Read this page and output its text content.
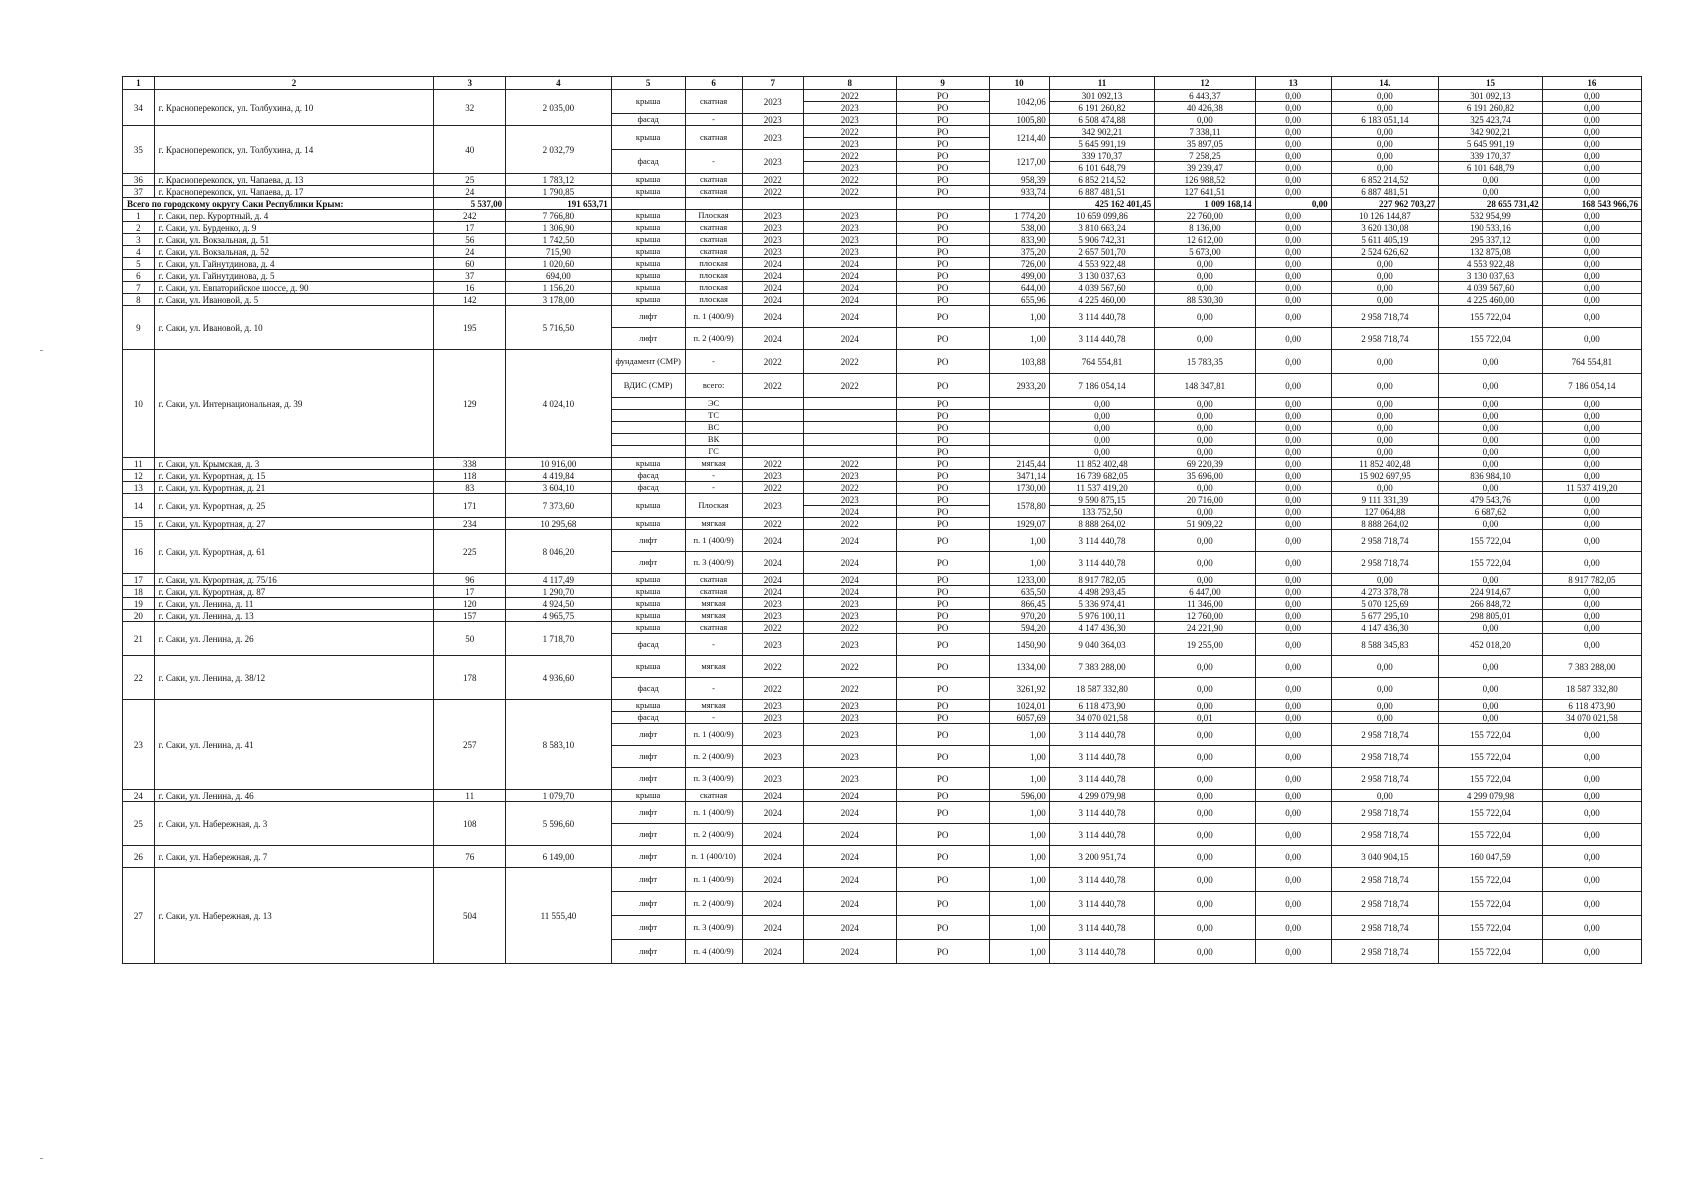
1	2	3	4	5	6	7	8	9	10	11	12	13	14.	15	16
34	г. Красноперекопск, ул. Толбухина, д. 10	32	2 035,00	крыша	скатная	2023	2022	РО	1042,06	301 092,13	6 443,37	0,00	0,00	301 092,13	0,00
							2023	РО		6 191 260,82	40 426,38	0,00	0,00	6 191 260,82	0,00
				фасад	-	2023	2023	РО	1005,80	6 508 474,88	0,00	0,00	6 183 051,14	325 423,74	0,00
35	г. Красноперекопск, ул. Толбухина, д. 14	40	2 032,79	крыша	скатная	2023	2022	РО	1214,40	342 902,21	7 338,11	0,00	0,00	342 902,21	0,00
							2023	РО		5 645 991,19	35 897,05	0,00	0,00	5 645 991,19	0,00
				фасад	-	2023	2022	РО	1217,00	339 170,37	7 258,25	0,00	0,00	339 170,37	0,00
							2023	РО		6 101 648,79	39 239,47	0,00	0,00	6 101 648,79	0,00
36	г. Красноперекопск, ул. Чапаева, д. 13	25	1 783,12	крыша	скатная	2022	2022	РО	958,39	6 852 214,52	126 988,52	0,00	6 852 214,52	0,00	0,00
37	г. Красноперекопск, ул. Чапаева, д. 17	24	1 790,85	крыша	скатная	2022	2022	РО	933,74	6 887 481,51	127 641,51	0,00	6 887 481,51	0,00	0,00
Всего по городскому округу Саки Республики Крым:		5 537,00	191 653,71							425 162 401,45	1 009 168,14	0,00	227 962 703,27	28 655 731,42	168 543 966,76
1	г. Саки, пер. Курортный, д. 4	242	7 766,80	крыша	Плоская	2023	2023	РО	1 774,20	10 659 099,86	22 760,00	0,00	10 126 144,87	532 954,99	0,00
2	г. Саки, ул. Бурденко, д. 9	17	1 306,90	крыша	скатная	2023	2023	РО	538,00	3 810 663,24	8 136,00	0,00	3 620 130,08	190 533,16	0,00
3	г. Саки, ул. Вокзальная, д. 51	56	1 742,50	крыша	скатная	2023	2023	РО	833,90	5 906 742,31	12 612,00	0,00	5 611 405,19	295 337,12	0,00
4	г. Саки, ул. Вокзальная, д. 52	24	715,90	крыша	скатная	2023	2023	РО	375,20	2 657 501,70	5 673,00	0,00	2 524 626,62	132 875,08	0,00
5	г. Саки, ул. Гайнутдинова, д. 4	60	1 020,60	крыша	плоская	2024	2024	РО	726,00	4 553 922,48	0,00	0,00	0,00	4 553 922,48	0,00
6	г. Саки, ул. Гайнутдинова, д. 5	37	694,00	крыша	плоская	2024	2024	РО	499,00	3 130 037,63	0,00	0,00	0,00	3 130 037,63	0,00
7	г. Саки, ул. Евпаторийское шоссе, д. 90	16	1 156,20	крыша	плоская	2024	2024	РО	644,00	4 039 567,60	0,00	0,00	0,00	4 039 567,60	0,00
8	г. Саки, ул. Ивановой, д. 5	142	3 178,00	крыша	плоская	2024	2024	РО	655,96	4 225 460,00	88 530,30	0,00	0,00	4 225 460,00	0,00
9	г. Саки, ул. Ивановой, д. 10	195	5 716,50	лифт	п. 1 (400/9)	2024	2024	РО	1,00	3 114 440,78	0,00	0,00	2 958 718,74	155 722,04	0,00
				лифт	п. 2 (400/9)	2024	2024	РО	1,00	3 114 440,78	0,00	0,00	2 958 718,74	155 722,04	0,00
10	г. Саки, ул. Интернациональная, д. 39	129	4 024,10	фундамент (СМР)	-	2022	2022	РО	103,88	764 554,81	15 783,35	0,00	0,00	0,00	764 554,81
				ВДИС (СМР)	всего:	2022	2022	РО	2933,20	7 186 054,14	148 347,81	0,00	0,00	0,00	7 186 054,14
					ЭС			РО		0,00	0,00	0,00	0,00	0,00	0,00
					ТС			РО		0,00	0,00	0,00	0,00	0,00	0,00
					ВС			РО		0,00	0,00	0,00	0,00	0,00	0,00
					ВК			РО		0,00	0,00	0,00	0,00	0,00	0,00
					ГС			РО		0,00	0,00	0,00	0,00	0,00	0,00
11	г. Саки, ул. Крымская, д. 3	338	10 916,00	крыша	мягкая	2022	2022	РО	2145,44	11 852 402,48	69 220,39	0,00	11 852 402,48	0,00	0,00
12	г. Саки, ул. Курортная, д. 15	118	4 419,84	фасад	-	2023	2023	РО	3471,14	16 739 682,05	35 696,00	0,00	15 902 697,95	836 984,10	0,00
13	г. Саки, ул. Курортная, д. 21	83	3 604,10	фасад	-	2022	2022	РО	1730,00	11 537 419,20	0,00	0,00	0,00	0,00	11 537 419,20
14	г. Саки, ул. Курортная, д. 25	171	7 373,60	крыша	Плоская	2023	2023	РО	1578,80	9 590 875,15	20 716,00	0,00	9 111 331,39	479 543,76	0,00
							2024	РО		133 752,50	0,00	0,00	127 064,88	6 687,62	0,00
15	г. Саки, ул. Курортная, д. 27	234	10 295,68	крыша	мягкая	2022	2022	РО	1929,07	8 888 264,02	51 909,22	0,00	8 888 264,02	0,00	0,00
16	г. Саки, ул. Курортная, д. 61	225	8 046,20	лифт	п. 1 (400/9)	2024	2024	РО	1,00	3 114 440,78	0,00	0,00	2 958 718,74	155 722,04	0,00
				лифт	п. 3 (400/9)	2024	2024	РО	1,00	3 114 440,78	0,00	0,00	2 958 718,74	155 722,04	0,00
17	г. Саки, ул. Курортная, д. 75/16	96	4 117,49	крыша	скатная	2024	2024	РО	1233,00	8 917 782,05	0,00	0,00	0,00	0,00	8 917 782,05
18	г. Саки, ул. Курортная, д. 87	17	1 290,70	крыша	скатная	2024	2024	РО	635,50	4 498 293,45	6 447,00	0,00	4 273 378,78	224 914,67	0,00
19	г. Саки, ул. Ленина, д. 11	120	4 924,50	крыша	мягкая	2023	2023	РО	866,45	5 336 974,41	11 346,00	0,00	5 070 125,69	266 848,72	0,00
20	г. Саки, ул. Ленина, д. 13	157	4 965,75	крыша	мягкая	2023	2023	РО	970,20	5 976 100,11	12 760,00	0,00	5 677 295,10	298 805,01	0,00
21	г. Саки, ул. Ленина, д. 26	50	1 718,70	крыша	скатная	2022	2022	РО	594,20	4 147 436,30	24 221,90	0,00	4 147 436,30	0,00	0,00
				фасад	-	2023	2023	РО	1450,90	9 040 364,03	19 255,00	0,00	8 588 345,83	452 018,20	0,00
22	г. Саки, ул. Ленина, д. 38/12	178	4 936,60	крыша	мягкая	2022	2022	РО	1334,00	7 383 288,00	0,00	0,00	0,00	0,00	7 383 288,00
				фасад	-	2022	2022	РО	3261,92	18 587 332,80	0,00	0,00	0,00	0,00	18 587 332,80
23	г. Саки, ул. Ленина, д. 41	257	8 583,10	крыша	мягкая	2023	2023	РО	1024,01	6 118 473,90	0,00	0,00	0,00	0,00	6 118 473,90
				фасад	-	2023	2023	РО	6057,69	34 070 021,58	0,01	0,00	0,00	0,00	34 070 021,58
				лифт	п. 1 (400/9)	2023	2023	РО	1,00	3 114 440,78	0,00	0,00	2 958 718,74	155 722,04	0,00
				лифт	п. 2 (400/9)	2023	2023	РО	1,00	3 114 440,78	0,00	0,00	2 958 718,74	155 722,04	0,00
				лифт	п. 3 (400/9)	2023	2023	РО	1,00	3 114 440,78	0,00	0,00	2 958 718,74	155 722,04	0,00
24	г. Саки, ул. Ленина, д. 46	11	1 079,70	крыша	скатная	2024	2024	РО	596,00	4 299 079,98	0,00	0,00	0,00	4 299 079,98	0,00
25	г. Саки, ул. Набережная, д. 3	108	5 596,60	лифт	п. 1 (400/9)	2024	2024	РО	1,00	3 114 440,78	0,00	0,00	2 958 718,74	155 722,04	0,00
				лифт	п. 2 (400/9)	2024	2024	РО	1,00	3 114 440,78	0,00	0,00	2 958 718,74	155 722,04	0,00
26	г. Саки, ул. Набережная, д. 7	76	6 149,00	лифт	п. 1 (400/10)	2024	2024	РО	1,00	3 200 951,74	0,00	0,00	3 040 904,15	160 047,59	0,00
27	г. Саки, ул. Набережная, д. 13	504	11 555,40	лифт	п. 1 (400/9)	2024	2024	РО	1,00	3 114 440,78	0,00	0,00	2 958 718,74	155 722,04	0,00
				лифт	п. 2 (400/9)	2024	2024	РО	1,00	3 114 440,78	0,00	0,00	2 958 718,74	155 722,04	0,00
				лифт	п. 3 (400/9)	2024	2024	РО	1,00	3 114 440,78	0,00	0,00	2 958 718,74	155 722,04	0,00
				лифт	п. 4 (400/9)	2024	2024	РО	1,00	3 114 440,78	0,00	0,00	2 958 718,74	155 722,04	0,00
